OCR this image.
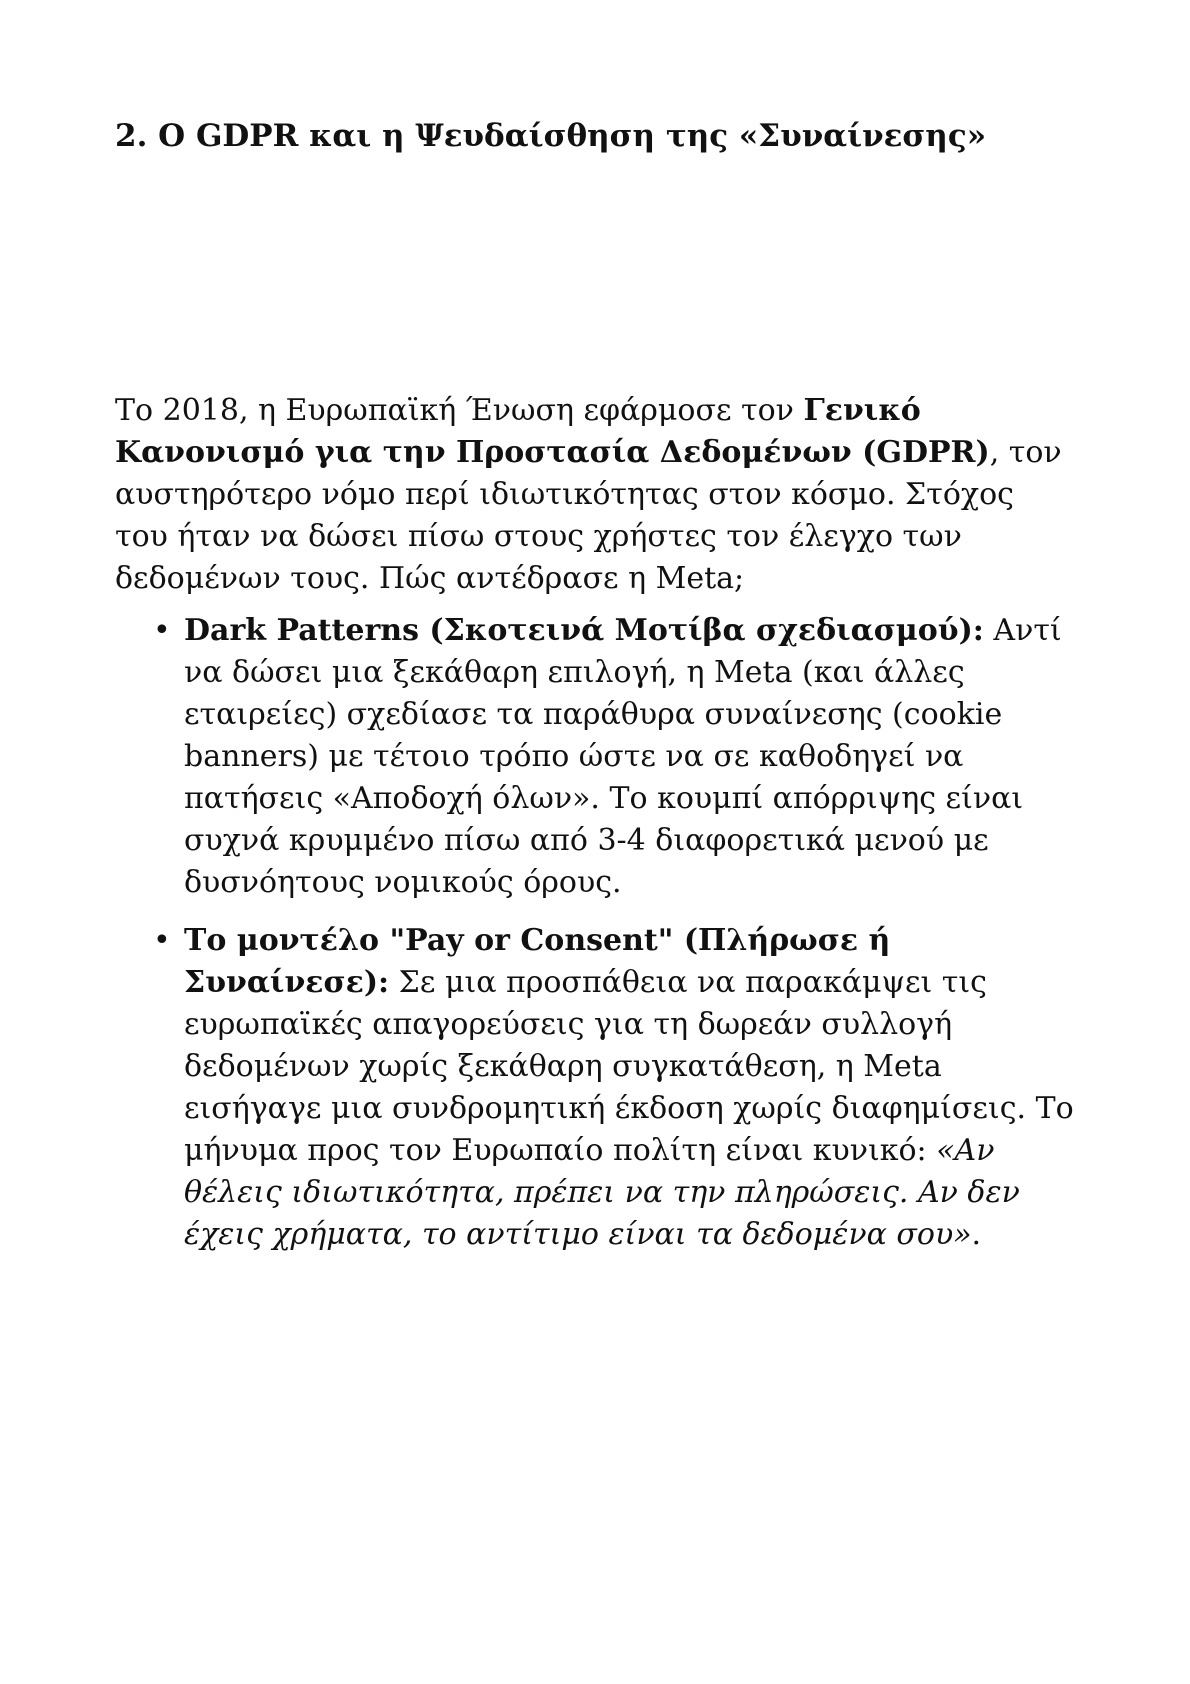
2. Ο GDPR και η Ψευδαίσθηση της «Συναίνεσης»

Το 2018, η Ευρωπαϊκή Ένωση εφάρμοσε τον Γενικό Κανονισμό για την Προστασία Δεδομένων (GDPR), τον αυστηρότερο νόμο περί ιδιωτικότητας στον κόσμο. Στόχος του ήταν να δώσει πίσω στους χρήστες τον έλεγχο των δεδομένων τους. Πώς αντέδρασε η Meta;

• Dark Patterns (Σκοτεινά Μοτίβα σχεδιασμού): Αντί να δώσει μια ξεκάθαρη επιλογή, η Meta (και άλλες εταιρείες) σχεδίασε τα παράθυρα συναίνεσης (cookie banners) με τέτοιο τρόπο ώστε να σε καθοδηγεί να πατήσεις «Αποδοχή όλων». Το κουμπί απόρριψης είναι συχνά κρυμμένο πίσω από 3-4 διαφορετικά μενού με δυσνόητους νομικούς όρους.
• Το μοντέλο "Pay or Consent" (Πλήρωσε ή Συναίνεσε): Σε μια προσπάθεια να παρακάμψει τις ευρωπαϊκές απαγορεύσεις για τη δωρεάν συλλογή δεδομένων χωρίς ξεκάθαρη συγκατάθεση, η Meta εισήγαγε μια συνδρομητική έκδοση χωρίς διαφημίσεις. Το μήνυμα προς τον Ευρωπαίο πολίτη είναι κυνικό: «Αν θέλεις ιδιωτικότητα, πρέπει να την πληρώσεις. Αν δεν έχεις χρήματα, το αντίτιμο είναι τα δεδομένα σου».
